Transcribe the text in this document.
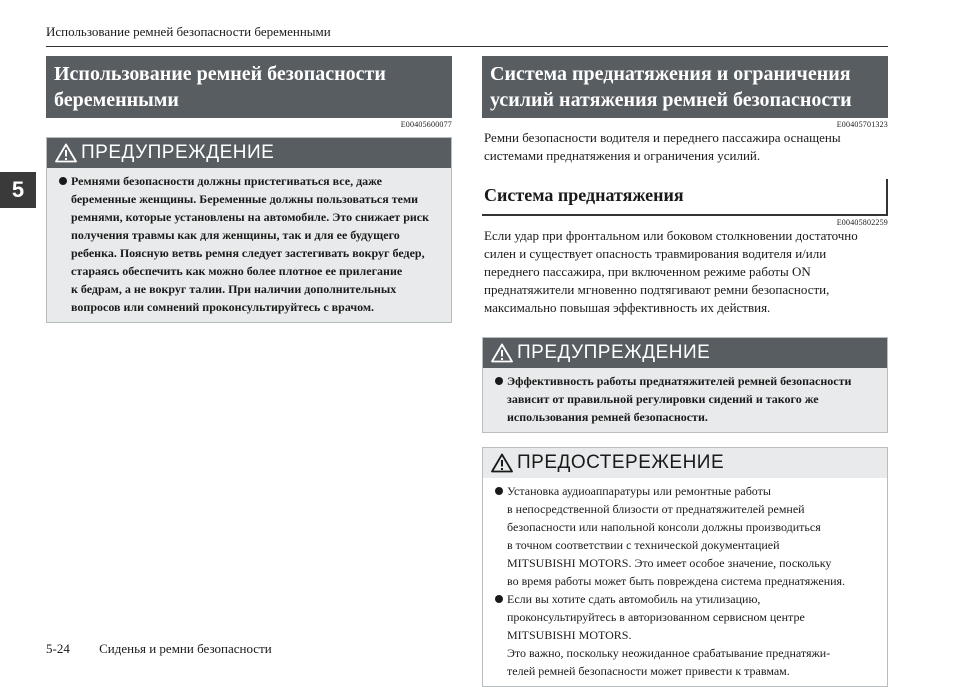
Использование ремней безопасности беременными
5
Использование ремней безопасности
беременными
E00405600077
ПРЕДУПРЕЖДЕНИЕ
Ремнями безопасности должны пристегиваться все, даже
беременные женщины. Беременные должны пользоваться теми
ремнями, которые установлены на автомобиле. Это снижает риск
получения травмы как для женщины, так и для ее будущего
ребенка. Поясную ветвь ремня следует застегивать вокруг бедер,
стараясь обеспечить как можно более плотное ее прилегание
к бедрам, а не вокруг талии. При наличии дополнительных
вопросов или сомнений проконсультируйтесь с врачом.
Система преднатяжения и ограничения
усилий натяжения ремней безопасности
E00405701323
Ремни безопасности водителя и переднего пассажира оснащены
системами преднатяжения и ограничения усилий.
Система преднатяжения
E00405802259
Если удар при фронтальном или боковом столкновении достаточно
силен и существует опасность травмирования водителя и/или
переднего пассажира, при включенном режиме работы ON
преднатяжители мгновенно подтягивают ремни безопасности,
максимально повышая эффективность их действия.
ПРЕДУПРЕЖДЕНИЕ
Эффективность работы преднатяжителей ремней безопасности
зависит от правильной регулировки сидений и такого же
использования ремней безопасности.
ПРЕДОСТЕРЕЖЕНИЕ
Установка аудиоаппаратуры или ремонтные работы
в непосредственной близости от преднатяжителей ремней
безопасности или напольной консоли должны производиться
в точном соответствии с технической документацией
MITSUBISHI MOTORS. Это имеет особое значение, поскольку
во время работы может быть повреждена система преднатяжения.
Если вы хотите сдать автомобиль на утилизацию,
проконсультируйтесь в авторизованном сервисном центре
MITSUBISHI MOTORS.
Это важно, поскольку неожиданное срабатывание преднатяжи-
телей ремней безопасности может привести к травмам.
5-24 Сиденья и ремни безопасности
